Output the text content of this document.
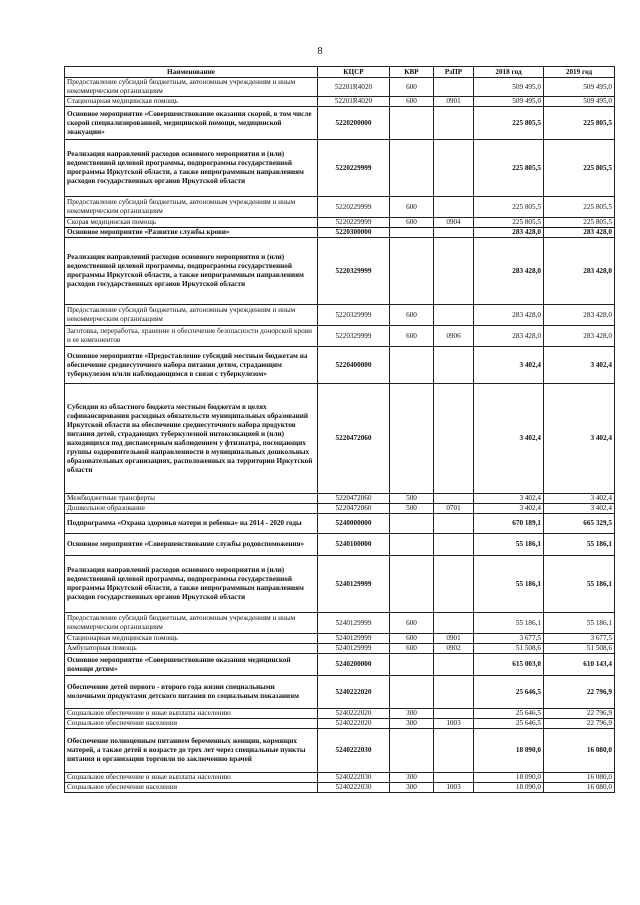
8
Наименование	КЦСР	КВР	РзПР	2018 год	2019 год
Предоставление субсидий бюджетным, автономным учреждениям и иным некоммерческим организациям	52201R4020	600		509 495,0	509 495,0
Стационарная медицинская помощь	52201R4020	600	0901	509 495,0	509 495,0
Основное мероприятие «Совершенствование оказания скорой, в том числе скорой специализированной, медицинской помощи, медицинской эвакуации»	5220200000			225 805,5	225 805,5
Реализация направлений расходов основного мероприятия и (или) ведомственной целевой программы, подпрограммы государственной программы Иркутской области, а также непрограммным направлениям расходов государственных органов Иркутской области	5220229999			225 805,5	225 805,5
Предоставление субсидий бюджетным, автономным учреждениям и иным некоммерческим организациям	5220229999	600		225 805,5	225 805,5
Скорая медицинская помощь	5220229999	600	0904	225 805,5	225 805,5
Основное мероприятие «Развитие службы крови»	5220300000			283 428,0	283 428,0
Реализация направлений расходов основного мероприятия и (или) ведомственной целевой программы, подпрограммы государственной программы Иркутской области, а также непрограммным направлениям расходов государственных органов Иркутской области	5220329999			283 428,0	283 428,0
Предоставление субсидий бюджетным, автономным учреждениям и иным некоммерческим организациям	5220329999	600		283 428,0	283 428,0
Заготовка, переработка, хранение и обеспечение безопасности донорской крови и ее компонентов	5220329999	600	0906	283 428,0	283 428,0
Основное мероприятие «Предоставление субсидий местным бюджетам на обеспечение среднесуточного набора питания детям, страдающим туберкулезом и/или наблюдающимся в связи с туберкулезом»	5220400000			3 402,4	3 402,4
Субсидии из областного бюджета местным бюджетам в целях софинансирования расходных обязательств муниципальных образований Иркутской области на обеспечение среднесуточного набора продуктов питания детей, страдающих туберкулезной интоксикацией и (или) находящихся под диспансерным наблюдением у фтизиатра, посещающих группы оздоровительной направленности в муниципальных дошкольных образовательных организациях, расположенных на территории Иркутской области	5220472060			3 402,4	3 402,4
Межбюджетные трансферты	5220472060	500		3 402,4	3 402,4
Дошкольное образование	5220472060	500	0701	3 402,4	3 402,4
Подпрограмма «Охрана здоровья матери и ребенка» на 2014 - 2020 годы	5240000000			670 189,1	665 329,5
Основное мероприятие «Совершенствование службы родовспоможения»	5240100000			55 186,1	55 186,1
Реализация направлений расходов основного мероприятия и (или) ведомственной целевой программы, подпрограммы государственной программы Иркутской области, а также непрограммным направлениям расходов государственных органов Иркутской области	5240129999			55 186,1	55 186,1
Предоставление субсидий бюджетным, автономным учреждениям и иным некоммерческим организациям	5240129999	600		55 186,1	55 186,1
Стационарная медицинская помощь	5240129999	600	0901	3 677,5	3 677,5
Амбулаторная помощь	5240129999	600	0902	51 508,6	51 508,6
Основное мероприятие «Совершенствование оказания медицинской помощи детям»	5240200000			615 003,0	610 143,4
Обеспечение детей первого - второго года жизни специальными молочными продуктами детского питания по социальным показаниям	5240222020			25 646,5	22 796,9
Социальное обеспечение и иные выплаты населению	5240222020	300		25 646,5	22 796,9
Социальное обеспечение населения	5240222020	300	1003	25 646,5	22 796,9
Обеспечение полноценным питанием беременных женщин, кормящих матерей, а также детей в возрасте до трех лет через специальные пункты питания и организации торговли по заключению врачей	5240222030			18 090,0	16 080,0
Социальное обеспечение и иные выплаты населению	5240222030	300		18 090,0	16 080,0
Социальное обеспечение населения	5240222030	300	1003	18 090,0	16 080,0
